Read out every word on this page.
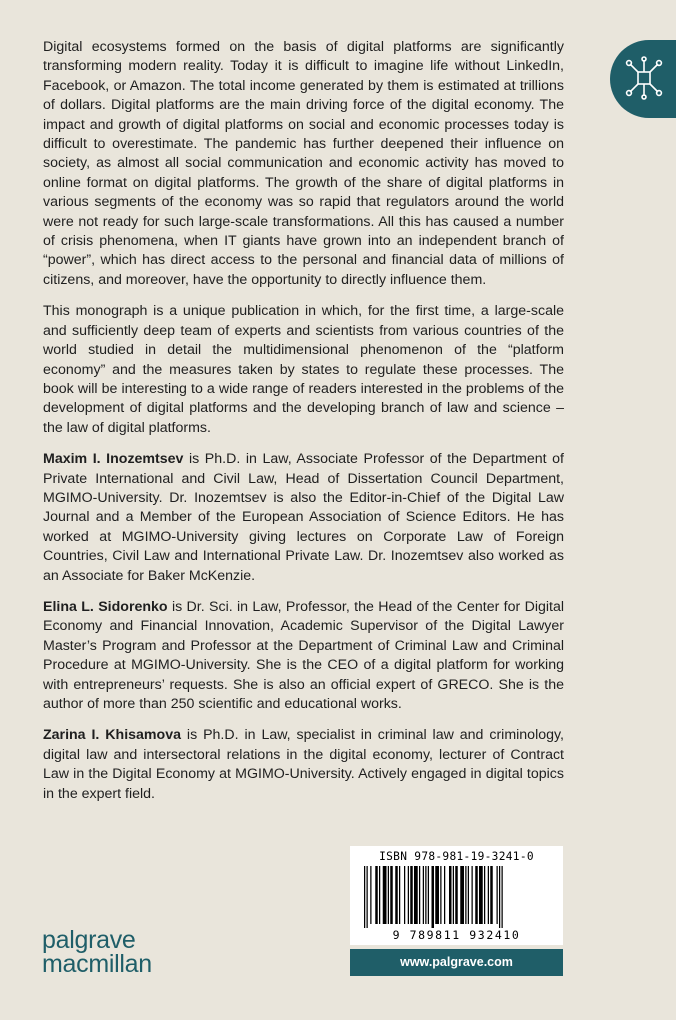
Digital ecosystems formed on the basis of digital platforms are significantly transforming modern reality. Today it is difficult to imagine life without LinkedIn, Facebook, or Amazon. The total income generated by them is estimated at trillions of dollars. Digital platforms are the main driving force of the digital economy. The impact and growth of digital platforms on social and economic processes today is difficult to overestimate. The pandemic has further deepened their influence on society, as almost all social communication and economic activity has moved to online format on digital platforms. The growth of the share of digital platforms in various segments of the economy was so rapid that regulators around the world were not ready for such large-scale transformations. All this has caused a number of crisis phenomena, when IT giants have grown into an independent branch of “power”, which has direct access to the personal and financial data of millions of citizens, and moreover, have the opportunity to directly influence them.

This monograph is a unique publication in which, for the first time, a large-scale and sufficiently deep team of experts and scientists from various countries of the world studied in detail the multidimensional phenomenon of the “platform economy” and the measures taken by states to regulate these processes. The book will be interesting to a wide range of readers interested in the problems of the development of digital platforms and the developing branch of law and science – the law of digital platforms.

Maxim I. Inozemtsev is Ph.D. in Law, Associate Professor of the Department of Private International and Civil Law, Head of Dissertation Council Department, MGIMO-University. Dr. Inozemtsev is also the Editor-in-Chief of the Digital Law Journal and a Member of the European Association of Science Editors. He has worked at MGIMO-University giving lectures on Corporate Law of Foreign Countries, Civil Law and International Private Law. Dr. Inozemtsev also worked as an Associate for Baker McKenzie.

Elina L. Sidorenko is Dr. Sci. in Law, Professor, the Head of the Center for Digital Economy and Financial Innovation, Academic Supervisor of the Digital Lawyer Master’s Program and Professor at the Department of Criminal Law and Criminal Procedure at MGIMO-University. She is the CEO of a digital platform for working with entrepreneurs’ requests. She is also an official expert of GRECO. She is the author of more than 250 scientific and educational works.

Zarina I. Khisamova is Ph.D. in Law, specialist in criminal law and criminology, digital law and intersectoral relations in the digital economy, lecturer of Contract Law in the Digital Economy at MGIMO-University. Actively engaged in digital topics in the expert field.

palgrave
macmillan
ISBN 978-981-19-3241-0
9 789811 932410
www.palgrave.com
